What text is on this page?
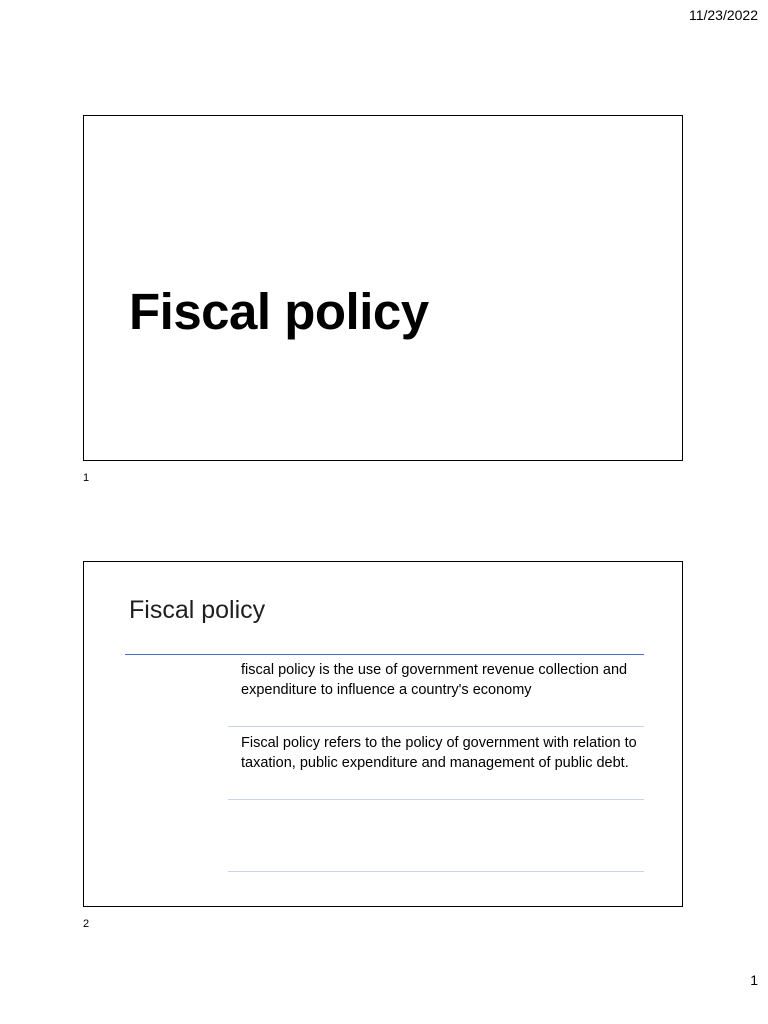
11/23/2022
Fiscal policy
1
Fiscal policy
fiscal policy is the use of government revenue collection and expenditure to influence a country's economy
Fiscal policy refers to the policy of government with relation to taxation, public expenditure and management of public debt.
2
1
